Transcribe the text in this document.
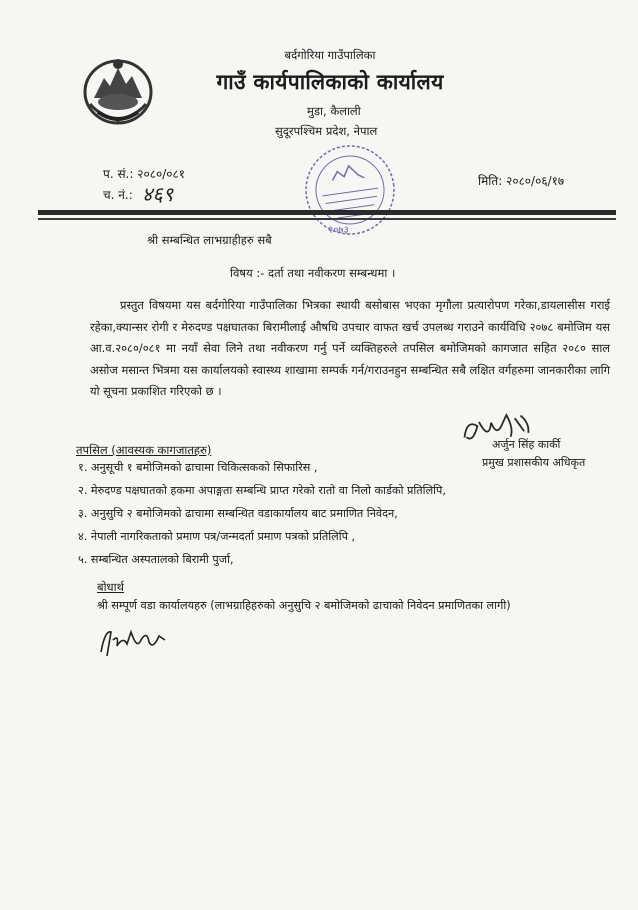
बर्दगोरिया गाउँपालिका
गाउँ कार्यपालिकाको कार्यालय
मुडा, कैलाली
सुदूरपश्चिम प्रदेश, नेपाल
प. सं.: २०८०/०८१
च. नं.: ४६९
मिति: २०८०/०६/१७
२०७३
श्री सम्बन्धित लाभग्राहीहरु सबै
विषय :- दर्ता तथा नवीकरण सम्बन्धमा ।
प्रस्तुत विषयमा यस बर्दगोरिया गाउँपालिका भित्रका स्थायी बसोबास भएका मृगौला प्रत्यारोपण गरेका,डायलासीस गराई रहेका,क्यान्सर रोगी र मेरुदण्ड पक्षघातका बिरामीलाई औषधि उपचार वाफत खर्च उपलब्ध गराउने कार्यविधि २०७८ बमोजिम यस आ.व.२०८०/०८१ मा नयाँ सेवा लिने तथा नवीकरण गर्नु पर्ने व्यक्तिहरुले तपसिल बमोजिमको कागजात सहित २०८० साल असोज मसान्त भित्रमा यस कार्यालयको स्वास्थ्य शाखामा सम्पर्क गर्न/गराउनहुन सम्बन्धित सबै लक्षित वर्गहरुमा जानकारीका लागि यो सूचना प्रकाशित गरिएको छ ।
अर्जुन सिंह कार्की
प्रमुख प्रशासकीय अधिकृत
तपसिल (आवस्यक कागजातहरु)
१. अनुसूची १ बमोजिमको ढाचामा चिकित्सकको सिफारिस ,
२. मेरुदण्ड पक्षघातको हकमा अपाङ्गता सम्बन्धि प्राप्त गरेको रातो वा निलो कार्डको प्रतिलिपि,
३. अनुसुचि २ बमोजिमको ढाचामा सम्बन्धित वडाकार्यालय बाट प्रमाणित निवेदन,
४. नेपाली नागरिकताको प्रमाण पत्र/जन्मदर्ता प्रमाण पत्रको प्रतिलिपि ,
५. सम्बन्धित अस्पतालको बिरामी पुर्जा,
बोधार्थ
श्री सम्पूर्ण वडा कार्यालयहरु (लाभग्राहिहरुको अनुसुचि २ बमोजिमको ढाचाको निवेदन प्रमाणितका लागी)
